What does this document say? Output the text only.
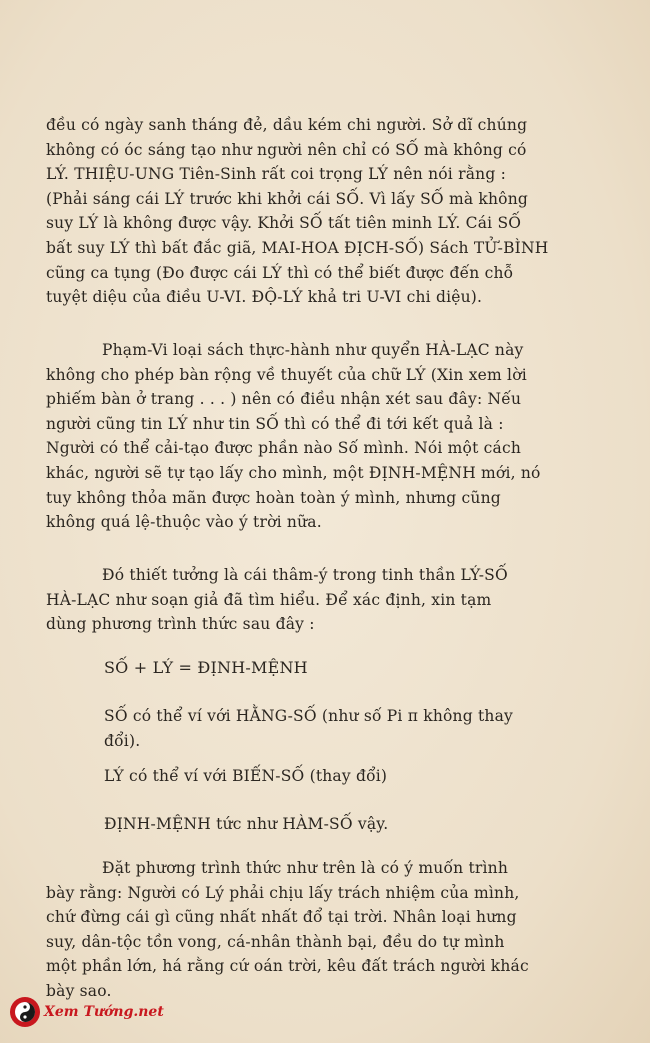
đều có ngày sanh tháng đẻ, dầu kém chi người. Sở dĩ chúng
không có óc sáng tạo như người nên chỉ có SỐ mà không có
LÝ. THIỆU-UNG Tiên-Sinh rất coi trọng LÝ nên nói rằng :
(Phải sáng cái LÝ trước khi khởi cái SỐ. Vì lấy SỐ mà không
suy LÝ là không được vậy. Khởi SỐ tất tiên minh LÝ. Cái SỐ
bất suy LÝ thì bất đắc giã, MAI-HOA ĐỊCH-SỐ) Sách TỬ-BÌNH
cũng ca tụng (Đo được cái LÝ thì có thể biết được đến chỗ
tuyệt diệu của điều U-VI. ĐỘ-LÝ khả tri U-VI chi diệu).
Phạm-Vi loại sách thực-hành như quyển HÀ-LẠC này
không cho phép bàn rộng về thuyết của chữ LÝ (Xin xem lời
phiếm bàn ở trang . . . ) nên có điều nhận xét sau đây: Nếu
người cũng tin LÝ như tin SỐ thì có thể đi tới kết quả là :
Người có thể cải-tạo được phần nào Số mình. Nói một cách
khác, người sẽ tự tạo lấy cho mình, một ĐỊNH-MỆNH mới, nó
tuy không thỏa mãn được hoàn toàn ý mình, nhưng cũng
không quá lệ-thuộc vào ý trời nữa.
Đó thiết tưởng là cái thâm-ý trong tinh thần LÝ-SỐ
HÀ-LẠC như soạn giả đã tìm hiểu. Để xác định, xin tạm
dùng phương trình thức sau đây :
SỐ + LÝ = ĐỊNH-MỆNH
SỐ có thể ví với HẰNG-SỐ (như số Pi π không thay
đổi).
LÝ có thể ví với BIẾN-SỐ (thay đổi)
ĐỊNH-MỆNH tức như HÀM-SỐ vậy.
Đặt phương trình thức như trên là có ý muốn trình
bày rằng: Người có Lý phải chịu lấy trách nhiệm của mình,
chứ đừng cái gì cũng nhất nhất đổ tại trời. Nhân loại hưng
suy, dân-tộc tồn vong, cá-nhân thành bại, đều do tự mình
một phần lớn, há rằng cứ oán trời, kêu đất trách người khác
bày sao.
Xem Tướng.net
